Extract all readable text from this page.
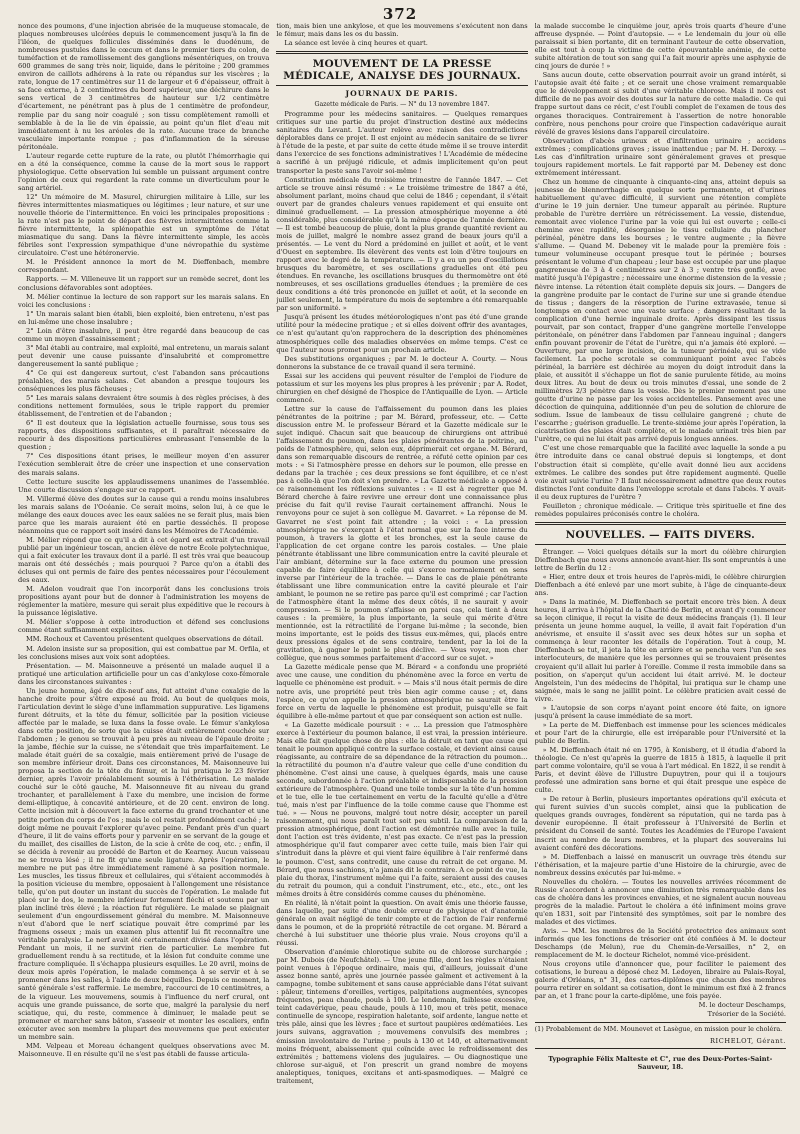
372

nonce des poumons, d'une injection abrisée de la muqueuse stomacale, de plaques nombreuses ulcérées depuis le commencement jusqu'à la fin de l'iléon, de quelques follicules disséminés dans le duodénum, de nombreuses pustules dans le cœcum et dans le premier tiers du colon, de tuméfaction et de ramollissement des ganglions mésentériques, on trouva 600 grammes de sang très noir, liquide, dans le péritoine ; 200 grammes environ de caillots adhérens à la rate ou répandus sur les viscères ; la rate, longue de 17 centimètres sur 11 de largeur et 6 d'épaisseur, offrait à sa face externe, à 2 centimètres du bord supérieur, une déchirure dans le sens vertical de 3 centimètres de hauteur sur 1/2 centimètre d'écartement, ne pénétrant pas à plus de 1 centimètre de profondeur, remplie par du sang noir coagulé ; son tissu complètement ramolli et semblable à de la lie de vin épaissie, au point qu'un filet d'eau mit immédiatement à nu les aréoles de la rate. Aucune trace de branche vasculaire importante rompue ; pas d'inflammation de la séreuse péritonéale.

L'auteur regarde cette rupture de la rate, ou plutôt l'hémorrhagie qui en a été la conséquence, comme la cause de la mort sous le rapport physiologique. Cette observation lui semble un puissant argument contre l'opinion de ceux qui regardent la rate comme un diverticulum pour le sang artériel.

12° Un mémoire de M. Masurel, chirurgien militaire à Lille, sur les fièvres intermittentes miasmatiques ou légitimes ; leur nature, et sur une nouvelle théorie de l'intermittence. En voici les principales propositions : la rate n'est pas le point de départ des fièvres intermittentes comme la fièvre intermittente, la splénopathie est un symptôme de l'état miasmatique du sang. Dans la fièvre intermittente simple, les accès fébriles sont l'expression sympathique d'une névropathie du système circulatoire. C'est une hétéronervie.

M. le Président annonce la mort de M. Dieffenbach, membre correspondant.

Rapports. — M. Villeneuve lit un rapport sur un remède secret, dont les conclusions défavorables sont adoptées.

M. Mélier continue la lecture de son rapport sur les marais salans. En voici les conclusions :

1° Un marais salant bien établi, bien exploité, bien entretenu, n'est pas en lui-même une chose insalubre ;

2° Loin d'être insalubre, il peut être regardé dans beaucoup de cas comme un moyen d'assainissement ;

3° Mal établi au contraire, mal exploité, mal entretenu, un marais salant peut devenir une cause puissante d'insalubrité et compromettre dangereusement la santé publique ;

4° Ce qui est dangereux surtout, c'est l'abandon sans précautions préalables, des marais salans. Cet abandon a presque toujours les conséquences les plus fâcheuses ;

5° Les marais salans devraient être soumis à des règles précises, à des conditions nettement formulées, sous le triple rapport du premier établissement, de l'entretien et de l'abandon ;

6° Il est douteux que la législation actuelle fournisse, sous tous ses rapports, des dispositions suffisantes, et il paraîtrait nécessaire de recourir à des dispositions particulières embrassant l'ensemble de la question ;

7° Ces dispositions étant prises, le meilleur moyen d'en assurer l'exécution semblerait être de créer une inspection et une conservation des marais salans.

Cette lecture suscite les applaudissemens unanimes de l'assemblée. Une courte discussion s'engage sur ce rapport.

M. Villermé élève des doutes sur la cause qui a rendu moins insalubres les marais salans de l'Océanie. Ce serait moins, selon lui, à ce que le mélange des eaux douces avec les eaux salées ne se ferait plus, mais bien parce que les marais auraient été en partie desséchés. Il propose néanmoins que ce rapport soit inséré dans les Mémoires de l'Académie.

M. Mélier répond que ce qu'il a dit à cet égard est extrait d'un travail publié par un ingénieur toscan, ancien élève de notre École polytechnique, qui a fait exécuter les travaux dont il a parlé. Il est très vrai que beaucoup marais ont été desséchés ; mais pourquoi ? Parce qu'on a établi des écluses qui ont permis de faire des pentes nécessaires pour l'écoulement des eaux.

M. Adelon voudrait que l'on incorporât dans les conclusions trois propositions ayant pour but de donner à l'administration les moyens de réglementer la matière, mesure qui serait plus expéditive que le recours à la puissance législative.

M. Mélier s'oppose à cette introduction et défend ses conclusions comme étant suffisamment explicites.

MM. Rochoux et Caventou présentent quelques observations de détail.

M. Adelon insiste sur sa proposition, qui est combattue par M. Orfila, et les conclusions mises aux voix sont adoptées.

Présentation. — M. Maisonneuve a présenté un malade auquel il a pratiqué une articulation artificielle pour un cas d'ankylose coxo-fémorale dans les circonstances suivantes :

Un jeune homme, âgé de dix-neuf ans, fut atteint d'une coxalgie de la hanche droite pour s'être exposé au froid. Au bout de quelques mois, l'articulation devint le siège d'une inflammation suppurative. Les ligamens furent détruits, et la tête du fémur, sollicitée par la position vicieuse affectée par le malade, se luxa dans la fosse ovale. Le fémur s'ankylosa dans cette position, de sorte que la cuisse était entièrement couchée sur l'abdomen ; le genou se trouvait à peu près au niveau de l'épaule droite ; la jambe, fléchie sur la cuisse, ne s'étendait que très imparfaitement. Le malade était guéri de sa coxalgie, mais entièrement privé de l'usage de son membre inférieur droit. Dans ces circonstances, M. Maisonneuve lui proposa la section de la tête du fémur, et la lui pratiqua le 23 février dernier, après l'avoir préalablement soumis à l'éthérisation. Le malade couché sur le côté gauche, M. Maisonneuve fit au niveau du grand trochanter, et parallèlement à l'axe du membre, une incision de forme demi-elliptique, à concavité antérieure, et de 20 cent. environ de long. Cette incision mit à découvert la face externe du grand trochanter et une petite portion du corps de l'os ; mais le col restait profondément caché ; le doigt même ne pouvait l'explorer qu'avec peine. Pendant près d'un quart d'heure, il lit de vains efforts pour y parvenir en se servant de la gouge et du maillet, des cisailles de Liston, de la scie à crête de coq, etc. ; enfin, il se décida à revenir au procédé de Barton et de Kearney. Aucun vaisseau ne se trouva lésé ; il ne fit qu'une seule ligature. Après l'opération, le membre ne put pas être immédiatement ramené à sa position normale. Les muscles, les tissus fibreux et cellulaires, qui s'étaient accommodés à la position vicieuse du membre, opposaient à l'allongement une résistance telle, qu'on put douter un instant du succès de l'opération. Le malade fut placé sur le dos, le membre inférieur fortement fléchi et soutenu par un plan incliné très élevé ; la réaction fut régulière. Le malade se plaignait seulement d'un engourdissement général du membre. M. Maisonneuve n'eut d'abord que le nerf sciatique pouvait être comprimé par les fragmens osseux ; mais un examen plus attentif lui fit reconnaître une véritable paralysie. Le nerf avait été certainement divisé dans l'opération. Pendant un mois, il ne survint rien de particulier. Le membre fut graduellement rendu à sa rectitude, et la lésion fut conduite comme une fracture compliquée. Il s'échappa plusieurs esquilles. Le 20 avril, moins de deux mois après l'opération, le malade commença à se servir et à se promener dans les salles, à l'aide de deux béquilles. Depuis ce moment, la santé générale s'est raffermie. Le membre, raccourci de 10 centimètres, a de la vigueur. Les mouvemens, soumis à l'influence du nerf crural, ont acquis une grande puissance, de sorte que, malgré la paralysie du nerf sciatique, qui, du reste, commence à diminuer, le malade peut se promener et marcher sans bâton, s'asseoir et monter les escaliers, enfin exécuter avec son membre la plupart des mouvemens que peut exécuter un membre sain.

MM. Velpeau et Moreau échangent quelques observations avec M. Maisonneuve. Il en résulte qu'il ne s'est pas établi de fausse articula-

tion, mais bien une ankylose, et que les mouvemens s'exécutent non dans le fémur, mais dans les os du bassin.

La séance est levée à cinq heures et quart.

MOUVEMENT DE LA PRESSE MÉDICALE, ANALYSE DES JOURNAUX.
JOURNAUX DE PARIS.

Gazette médicale de Paris. — N° du 13 novembre 1847.

Programme pour les médecins sanitaires. — Quelques remarques critiques sur une partie du projet d'instruction destiné aux médecins sanitaires du Levant. L'auteur relève avec raison des contradictions déplorables dans ce projet. Il est enjoint au médecin sanitaire de se livrer à l'étude de la peste, et par suite de cette étude même il se trouve interdit dans l'exercice de ses fonctions administratives ! L'Académie de médecine a sacrifié à un préjugé ridicule, et admis implicitement qu'on peut transporter la peste sans l'avoir soi-même !

Constitution médicale du troisième trimestre de l'année 1847. — Cet article se trouve ainsi résumé : « Le troisième trimestre de 1847 a été, absolument parlant, moins chaud que celui de 1846 ; cependant, il s'était ouvert par de grandes chaleurs venues rapidement et qui ensuite ont diminué graduellement. — La pression atmosphérique moyenne a été considérable, plus considérable qu'à la même époque de l'année dernière. — Il est tombé beaucoup de pluie, dont la plus grande quantité revient au mois de juillet, malgré le nombre assez grand de beaux jours qu'il a présentés. — Le vent du Nord a prédominé en juillet et août, et le vent d'Ouest en septembre. Ils élevèrent des vents est loin d'être toujours en rapport avec le degré de la température. — Il y a eu un peu d'oscillations brusques du baromètre, et ses oscillations graduelles ont été peu étendues. En revanche, les oscillations brusques du thermomètre ont été nombreuses, et ses oscillations graduelles étendues ; la première de ces deux conditions a été très prononcée en juillet et août, et la seconde en juillet seulement, la température du mois de septembre a été remarquable par son uniformité. »

Jusqu'à présent les études météorologiques n'ont pas été d'une grande utilité pour la médecine pratique ; et si elles doivent offrir des avantages, ce n'est qu'autant qu'on rapprochera de la description des phénomènes atmosphériques celle des maladies observées en même temps. C'est ce que l'auteur nous promet pour un prochain article.

Des substitutions organiques ; par M. le docteur A. Courty. — Nous donnerons la substance de ce travail quand il sera terminé.

Essai sur les accidens qui peuvent résulter de l'emploi de l'iodure de potassium et sur les moyens les plus propres à les prévenir ; par A. Rodet, chirurgien en chef désigné de l'hospice de l'Antiquaille de Lyon. — Article commencé.

Lettre sur la cause de l'affaissement du poumon dans les plaies pénétrantes de la poitrine ; par M. Bérard, professeur, etc. — Cette discussion entre M. le professeur Bérard et la Gazette médicale sur le sujet indiqué. Chacun sait que beaucoup de chirurgiens ont attribué l'affaissement du poumon, dans les plaies pénétrantes de la poitrine, au poids de l'atmosphère, qui, selon eux, déprimerait cet organe. M. Bérard, dans son remarquable discours de rentrée, a réfuté cette opinion par ces mots : « Si l'atmosphère presse en dehors sur le poumon, elle presse en dedans par la trachée ; ces deux pressions se font équilibre, et ce n'est pas à celle-là que l'on doit s'en prendre. » La Gazette médicale a opposé à ce raisonnement les réflexions suivantes : « Il est à regretter que M. Bérard cherche à faire revivre une erreur dont une connaissance plus précise du fait qu'il revise l'aurait certainement affranchi. Nous le renvoyons pour ce sujet à son collègue M. Gavarret. » La réponse de M. Gavarret ne s'est point fait attendre ; la voici : « La pression atmosphérique ne s'exerçant à l'état normal que sur la face interne du poumon, à travers la glotte et les bronches, est la seule cause de l'application de cet organe contre les parois costales. — Une plaie pénétrante établissant une libre communication entre la cavité pleurale et l'air ambiant, détermine sur la face externe du poumon une pression capable de faire équilibre à celle qui s'exerce normalement en sens inverse par l'intérieur de la trachée. — Dans le cas de plaie pénétrante établissant une libre communication entre la cavité pleurale et l'air ambiant, le poumon ne se retire pas parce qu'il est comprimé ; car l'action de l'atmosphère étant la même des deux côtés, il ne saurait y avoir compression. — Si le poumon s'affaisse on paroi cas, cela tient à deux causes : la première, la plus importante, la seule qui mérite d'être mentionnée, est la rétractilité de l'organe lui-même ; la seconde, bien moins importante, est le poids des tissus eux-mêmes, qui, placés entre deux pressions égales et de sens contraire, tendent, par la loi de la gravitation, à gagner le point le plus déclive. — Vous voyez, mon cher collègue, que nous sommes parfaitement d'accord sur ce sujet. »

La Gazette médicale pense que M. Bérard « a confondu une propriété avec une cause, une condition du phénomène avec la force en vertu de laquelle ce phénomène est produit. » — Mais s'il nous était permis de dire notre avis, une propriété peut très bien agir comme cause ; et, dans l'espèce, ce qu'on appelle la pression atmosphérique ne saurait être la force en vertu de laquelle le phénomène est produit, puisqu'elle se fait équilibre à elle-même partout et que par conséquent son action est nulle.

« La Gazette médicale poursuit : « … La pression que l'atmosphère exerce à l'extérieur du poumon balance, il est vrai, la pression intérieure. Mais elle fait quelque chose de plus : elle la détruit en tant que cause qui tenait le poumon appliqué contre la surface costale, et devient ainsi cause réagissante, au contraire de sa dépendance de la rétraction du poumon…la rétractilité du poumon n'a d'autre valeur que celle d'une condition du phénomène. C'est ainsi une cause, à quelques égards, mais une cause seconde, subordonnée à l'action préalable et indispensable de la pression extérieure de l'atmosphère. Quand une toile tombe sur la tête d'un homme et le tue, elle le tue certainement en vertu de la faculté qu'elle a d'être tué, mais n'est par l'influence de la toile comme cause que l'homme est tué. » — Nous ne pouvons, malgré tout notre désir, accepter un pareil raisonnement, qui nous paraît tout soit peu subtil. La comparaison de la pression atmosphérique, dont l'action est démontrée nulle avec la tuile, dont l'action est très évidente, n'est pas exacte. Ce n'est pas la pression atmosphérique qu'il faut comparer avec cette tuile, mais bien l'air qui s'introduit dans la plèvre et qui vient faire équilibre à l'air renfermé dans le poumon. C'est, sans contredit, une cause du retrait de cet organe. M. Bérard, que nous sachions, n'a jamais dit le contraire. A ce point de vue, la plaie du thorax, l'instrument même qui l'a faite, seraient aussi des causes du retrait du poumon, qui a conduit l'instrument, etc., etc., etc., ont les mêmes droits à être considérés comme causes du phénomène.

En réalité, là n'était point la question. On avait émis une théorie fausse, dans laquelle, par suite d'une double erreur de physique et d'anatomie générale on avait négligé de tenir compte et de l'action de l'air renfermé dans le poumon, et de la propriété rétractile de cet organe. M. Bérard a cherché à lui substituer une théorie plus vraie. Nous croyons qu'il a réussi.

Observation d'anémie chlorotique subite ou de chlorose surchargée ; par M. Dubois (de Neufchâtel). — Une jeune fille, dont les règles n'étaient point venues à l'époque ordinaire, mais qui, d'ailleurs, jouissait d'une assez bonne santé, après une journée passée gaîment et activement à la campagne, tombe subitement et sans cause appréciable dans l'état suivant : pâleur, tintemens d'oreilles, vertiges, palpitations augmentées, syncopes fréquentes, peau chaude, pouls à 100. Le lendemain, faiblesse excessive, teint cadavérique, peau chaude, pouls à 110, mou et très petit, menace continuelle de syncope, respiration haletante, soif ardente, langue nette et très pâle, ainsi que les lèvres ; face et surtout paupières œdématiées. Les jours suivans, aggravation ; mouvemens convulsifs des membres ; émission involontaire de l'urine ; pouls à 130 et 140, et alternativement moins fréquent, abaissement qui coïncide avec le refroidissement des extrémités ; battemens violens des jugulaires. — Ou diagnostique une chlorose sur-aiguë, et l'on prescrit un grand nombre de moyens analeptiques, toniques, excitans et anti-spasmodiques. — Malgré ce traitement,

la malade succombe le cinquième jour, après trois quarts d'heure d'une affreuse dyspnée. — Point d'autopsie. — « Le lendemain du jour où elle paraissait si bien portante, dit en terminant l'auteur de cette observation, elle est tout à coup la victime de cette épouvantable anémie, de cette subite altération de tout son sang qui l'a fait mourir après une asphyxie de cinq jours de durée ! »

Sans aucun doute, cette observation pourrait avoir un grand intérêt, si l'autopsie avait été faite ; et ce serait une chose vraiment remarquable que le développement si subit d'une véritable chlorose. Mais il nous est difficile de ne pas avoir des doutes sur la nature de cette maladie. Ce qui frappe surtout dans ce récit, c'est l'oubli complet de l'examen de tous des organes thoraciques. Contrairement à l'assertion de notre honorable confrère, nous penchons pour croire que l'inspection cadavérique aurait révélé de graves lésions dans l'appareil circulatoire.

Observation d'abcès urineux et d'infiltration urinaire ; accidens extrêmes ; complications graves ; issue inattendue ; par M. H. Deroxy. — Les cas d'infiltration urinaire sont généralement graves et presque toujours rapidement mortels. Le fait rapporté par M. Debeney est donc extrêmement intéressant.

Chez un homme de cinquante à cinquante-cinq ans, atteint depuis sa jeunesse de blennorrhagie en quelque sorte permanente, et d'urines habituellement qu'avec difficulté, il survient une rétention complète d'urine le 19 juin dernier. Une tumeur apparaît au périnée. Rupture probable de l'urètre derrière un rétrécissement. La vessie, distendue, remontait avec violence l'urine par la voie qui lui est ouverte ; celle-ci chemine avec rapidité, désorganise le tissu cellulaire du plancher périnéal, pénètre dans les bourses ; le ventre augmente ; la fièvre s'allume. — Quand M. Debeney vit le malade pour la première fois : tumeur volumineuse occupant presque tout le périnée ; bourses présentant le volume d'un chapeau ; leur base est occupée par une plaque gangreneuse de 3 à 4 centimètres sur 2 à 3 ; ventre très gonflé, avec matité jusqu'à l'épigastre ; nécessaire une énorme distension de la vessie ; fièvre intense. La rétention était complète depuis six jours. — Dangers de la gangrène produite par le contact de l'urine sur une si grande étendue de tissus ; dangers de la résorption de l'urine extravasée, tenue si longtemps en contact avec une vaste surface ; dangers résultant de la complication d'une hernie inguinale droite. Après dissipant les tissus pourvait, par son contact, frapper d'une gangrène mortelle l'enveloppe péritonéale, on pénétrer dans l'abdomen par l'anneau inguinal ; dangers enfin pouvant provenir de l'état de l'urètre, qui n'a jamais été exploré. — Ouverture, par une large incision, de la tumeur périnéale, qui se vide facilement. La poche scrotale se communiquant point avec l'abcès périnéal, la barrière est déchirée au moyen du doigt introduit dans la plaie, et aussitôt il s'échappe un flot de sanie purulente fétide, au moins deux litres. Au bout de deux ou trois minutes d'essai, une sonde de 2 millimètres 2/3 pénètre dans la vessie. Dès le premier moment pas une goutte d'urine ne passe par les voies accidentelles. Pansement avec une décoction de quinquina, additionnée d'un peu de solution de chlorure de sodium. Issue de lambeaux de tissu cellulaire gangrené ; chute de l'escarrhe ; guérison graduelle. Le trente-sixième jour après l'opération, la cicatrisation des plaies était complète, et le malade urinait très bien par l'urètre, ce qui ne lui était pas arrivé depuis longues années.

C'est une chose remarquable que la facilité avec laquelle la sonde a pu être introduite dans ce canal obstrué depuis si longtemps, et dont l'obstruction était si complète, qu'elle avait donné lieu aux accidens extrêmes. Le calibre des sondes put être rapidement augmenté. Quelle voie avait suivie l'urine ? Il faut nécessairement admettre que deux routes distinctes l'ont conduite dans l'enveloppe scrotale et dans l'abcès. Y avait-il eu deux ruptures de l'urètre ?

Feuilleton ; chronique médicale. — Critique très spirituelle et fine des remèdes populaires préconisés contre le choléra.

NOUVELLES. — FAITS DIVERS.

Étranger. — Voici quelques détails sur la mort du célèbre chirurgien Dieffenbach que nous avons annoncée avant-hier. Ils sont empruntés à une lettre de Berlin du 12 :

« Hier, entre deux et trois heures de l'après-midi, le célèbre chirurgien Dieffenbach a été enlevé par une mort subite, à l'âge de cinquante-deux ans.

» Dans la matinée, M. Dieffenbach se portait encore très bien. À deux heures, il arriva à l'hôpital de la Charité de Berlin, et avant d'y commencer sa leçon clinique, il reçut la visite de deux médecins français (1). Il leur présenta un jeune homme auquel, la veille, il avait fait l'opération d'un anévrisme, et ensuite il s'assit avec ses deux hôtes sur un sopha et commença à leur raconter les détails de l'opération. Tout à coup, M. Dieffenbach se tut, il jeta la tête en arrière et se pencha vers l'un de ses interlocuteurs, de manière que les personnes qui se trouvaient présentes croyaient qu'il allait lui parler à l'oreille. Comme il resta immobile dans sa position, on s'aperçut qu'un accident lui était arrivé. M. le docteur Angelstein, l'un des médecins de l'hôpital, lui pratiqua sur le champ une saignée, mais le sang ne jaillit point. Le célèbre praticien avait cessé de vivre.

» L'autopsie de son corps n'ayant point encore été faite, on ignore jusqu'à présent la cause immédiate de sa mort.

» La perte de M. Dieffenbach est immense pour les sciences médicales et pour l'art de la chirurgie, elle est irréparable pour l'Université et la public de Berlin.

» M. Dieffenbach était né en 1795, à Konisberg, et il étudia d'abord la théologie. Ce n'est qu'après la guerre de 1815 à 1815, à laquelle il prit part comme volontaire, qu'il se voua à l'art médical. En 1822, il se rendit à Paris, et devint élève de l'illustre Dupuytren, pour qui il a toujours professé une admiration sans borne et qui était presque une espèce de culte.

» De retour à Berlin, plusieurs importantes opérations qu'il exécuta et qui furent suivies d'un succès complet, ainsi que la publication de quelques grands ouvrages, fondèrent sa réputation, qui ne tarda pas à devenir européenne. Il était professeur à l'Université de Berlin et président du Conseil de santé. Toutes les Académies de l'Europe l'avaient inscrit au nombre de leurs membres, et la plupart des souverains lui avaient conféré des décorations.

» M. Dieffenbach a laissé en manuscrit un ouvrage très étendu sur l'éthérisation, et la majeure partie d'une Histoire de la chirurgie, avec de nombreux dessins exécutés par lui-même. »

Nouvelles du choléra. — Toutes les nouvelles arrivées récemment de Russie s'accordent à annoncer une diminution très remarquable dans les cas de choléra dans les provinces envahies, et ne signalent aucun nouveau progrès de la maladie. Partout le choléra a été infiniment moins grave qu'en 1831, soit par l'intensité des symptômes, soit par le nombre des malades et des victimes.

Avis. — MM. les membres de la Société protectrice des animaux sont informés que les fonctions de trésorier ont été confiées à M. le docteur Deschamps (de Melun), rue du Chemin-de-Versailles, n° 2, en remplacement de M. le docteur Richelot, nommé vice-président.

Nous croyons utile d'annoncer que, pour faciliter le paiement des cotisations, le bureau a déposé chez M. Ledoyen, libraire au Palais-Royal, galerie d'Orléans, n° 31, des cartes-diplômes que chacun des membres pourra retirer en soldant sa cotisation, dont le minimum est fixé à 2 francs par an, et 1 franc pour la carte-diplôme, une fois payée.

M. le docteur Deschamps,

Trésorier de la Société.

(1) Probablement de MM. Mounevet et Lasègue, en mission pour le choléra.
RICHELOT, Gérant.
Typographie Félix Malteste et C°, rue des Deux-Portes-Saint-Sauveur, 18.
